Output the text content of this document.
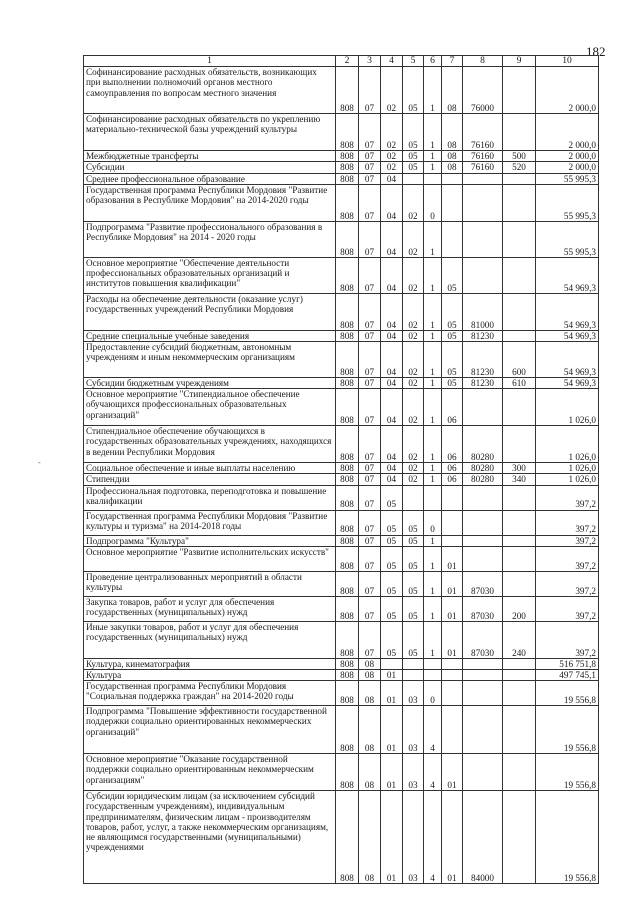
182
-
1	2	3	4	5	6	7	8	9	10
Софинансирование расходных обязательств, возникающих при выполнении полномочий органов местного самоуправления по вопросам местного значения	808	07	02	05	1	08	76000		2 000,0
Софинансирование расходных обязательств по укреплению материально-технической базы учреждений культуры	808	07	02	05	1	08	76160		2 000,0
Межбюджетные трансферты	808	07	02	05	1	08	76160	500	2 000,0
Субсидии	808	07	02	05	1	08	76160	520	2 000,0
Среднее профессиональное образование	808	07	04						55 995,3
Государственная программа Республики Мордовия "Развитие образования в Республике Мордовия" на 2014-2020 годы	808	07	04	02	0				55 995,3
Подпрограмма "Развитие профессионального образования в Республике Мордовия" на 2014 - 2020 годы	808	07	04	02	1				55 995,3
Основное мероприятие "Обеспечение деятельности профессиональных образовательных организаций и институтов повышения квалификации"	808	07	04	02	1	05			54 969,3
Расходы на обеспечение деятельности (оказание услуг) государственных учреждений Республики Мордовия	808	07	04	02	1	05	81000		54 969,3
Средние специальные учебные заведения	808	07	04	02	1	05	81230		54 969,3
Предоставление субсидий бюджетным, автономным учреждениям и иным некоммерческим организациям	808	07	04	02	1	05	81230	600	54 969,3
Субсидии бюджетным учреждениям	808	07	04	02	1	05	81230	610	54 969,3
Основное мероприятие "Стипендиальное обеспечение обучающихся профессиональных образовательных организаций"	808	07	04	02	1	06			1 026,0
Стипендиальное обеспечение обучающихся в государственных образовательных учреждениях, находящихся в ведении Республики Мордовия	808	07	04	02	1	06	80280		1 026,0
Социальное обеспечение и иные выплаты населению	808	07	04	02	1	06	80280	300	1 026,0
Стипендии	808	07	04	02	1	06	80280	340	1 026,0
Профессиональная подготовка, переподготовка и повышение квалификации	808	07	05						397,2
Государственная программа Республики Мордовия "Развитие культуры и туризма" на 2014-2018 годы	808	07	05	05	0				397,2
Подпрограмма "Культура"	808	07	05	05	1				397,2
Основное мероприятие "Развитие исполнительских искусств"	808	07	05	05	1	01			397,2
Проведение централизованных мероприятий в области культуры	808	07	05	05	1	01	87030		397,2
Закупка товаров, работ и услуг для обеспечения государственных (муниципальных) нужд	808	07	05	05	1	01	87030	200	397,2
Иные закупки товаров, работ и услуг для обеспечения государственных (муниципальных) нужд	808	07	05	05	1	01	87030	240	397,2
Культура, кинематография	808	08							516 751,8
Культура	808	08	01						497 745,1
Государственная программа Республики Мордовия "Социальная поддержка граждан" на 2014-2020 годы	808	08	01	03	0				19 556,8
Подпрограмма "Повышение эффективности государственной поддержки социально ориентированных некоммерческих организаций"	808	08	01	03	4				19 556,8
Основное мероприятие "Оказание государственной поддержки социально ориентированным некоммерческим организациям"	808	08	01	03	4	01			19 556,8
Субсидии юридическим лицам (за исключением субсидий государственным учреждениям), индивидуальным предпринимателям, физическим лицам - производителям товаров, работ, услуг, а также некоммерческим организациям, не являющимся государственными (муниципальными) учреждениями	808	08	01	03	4	01	84000		19 556,8
